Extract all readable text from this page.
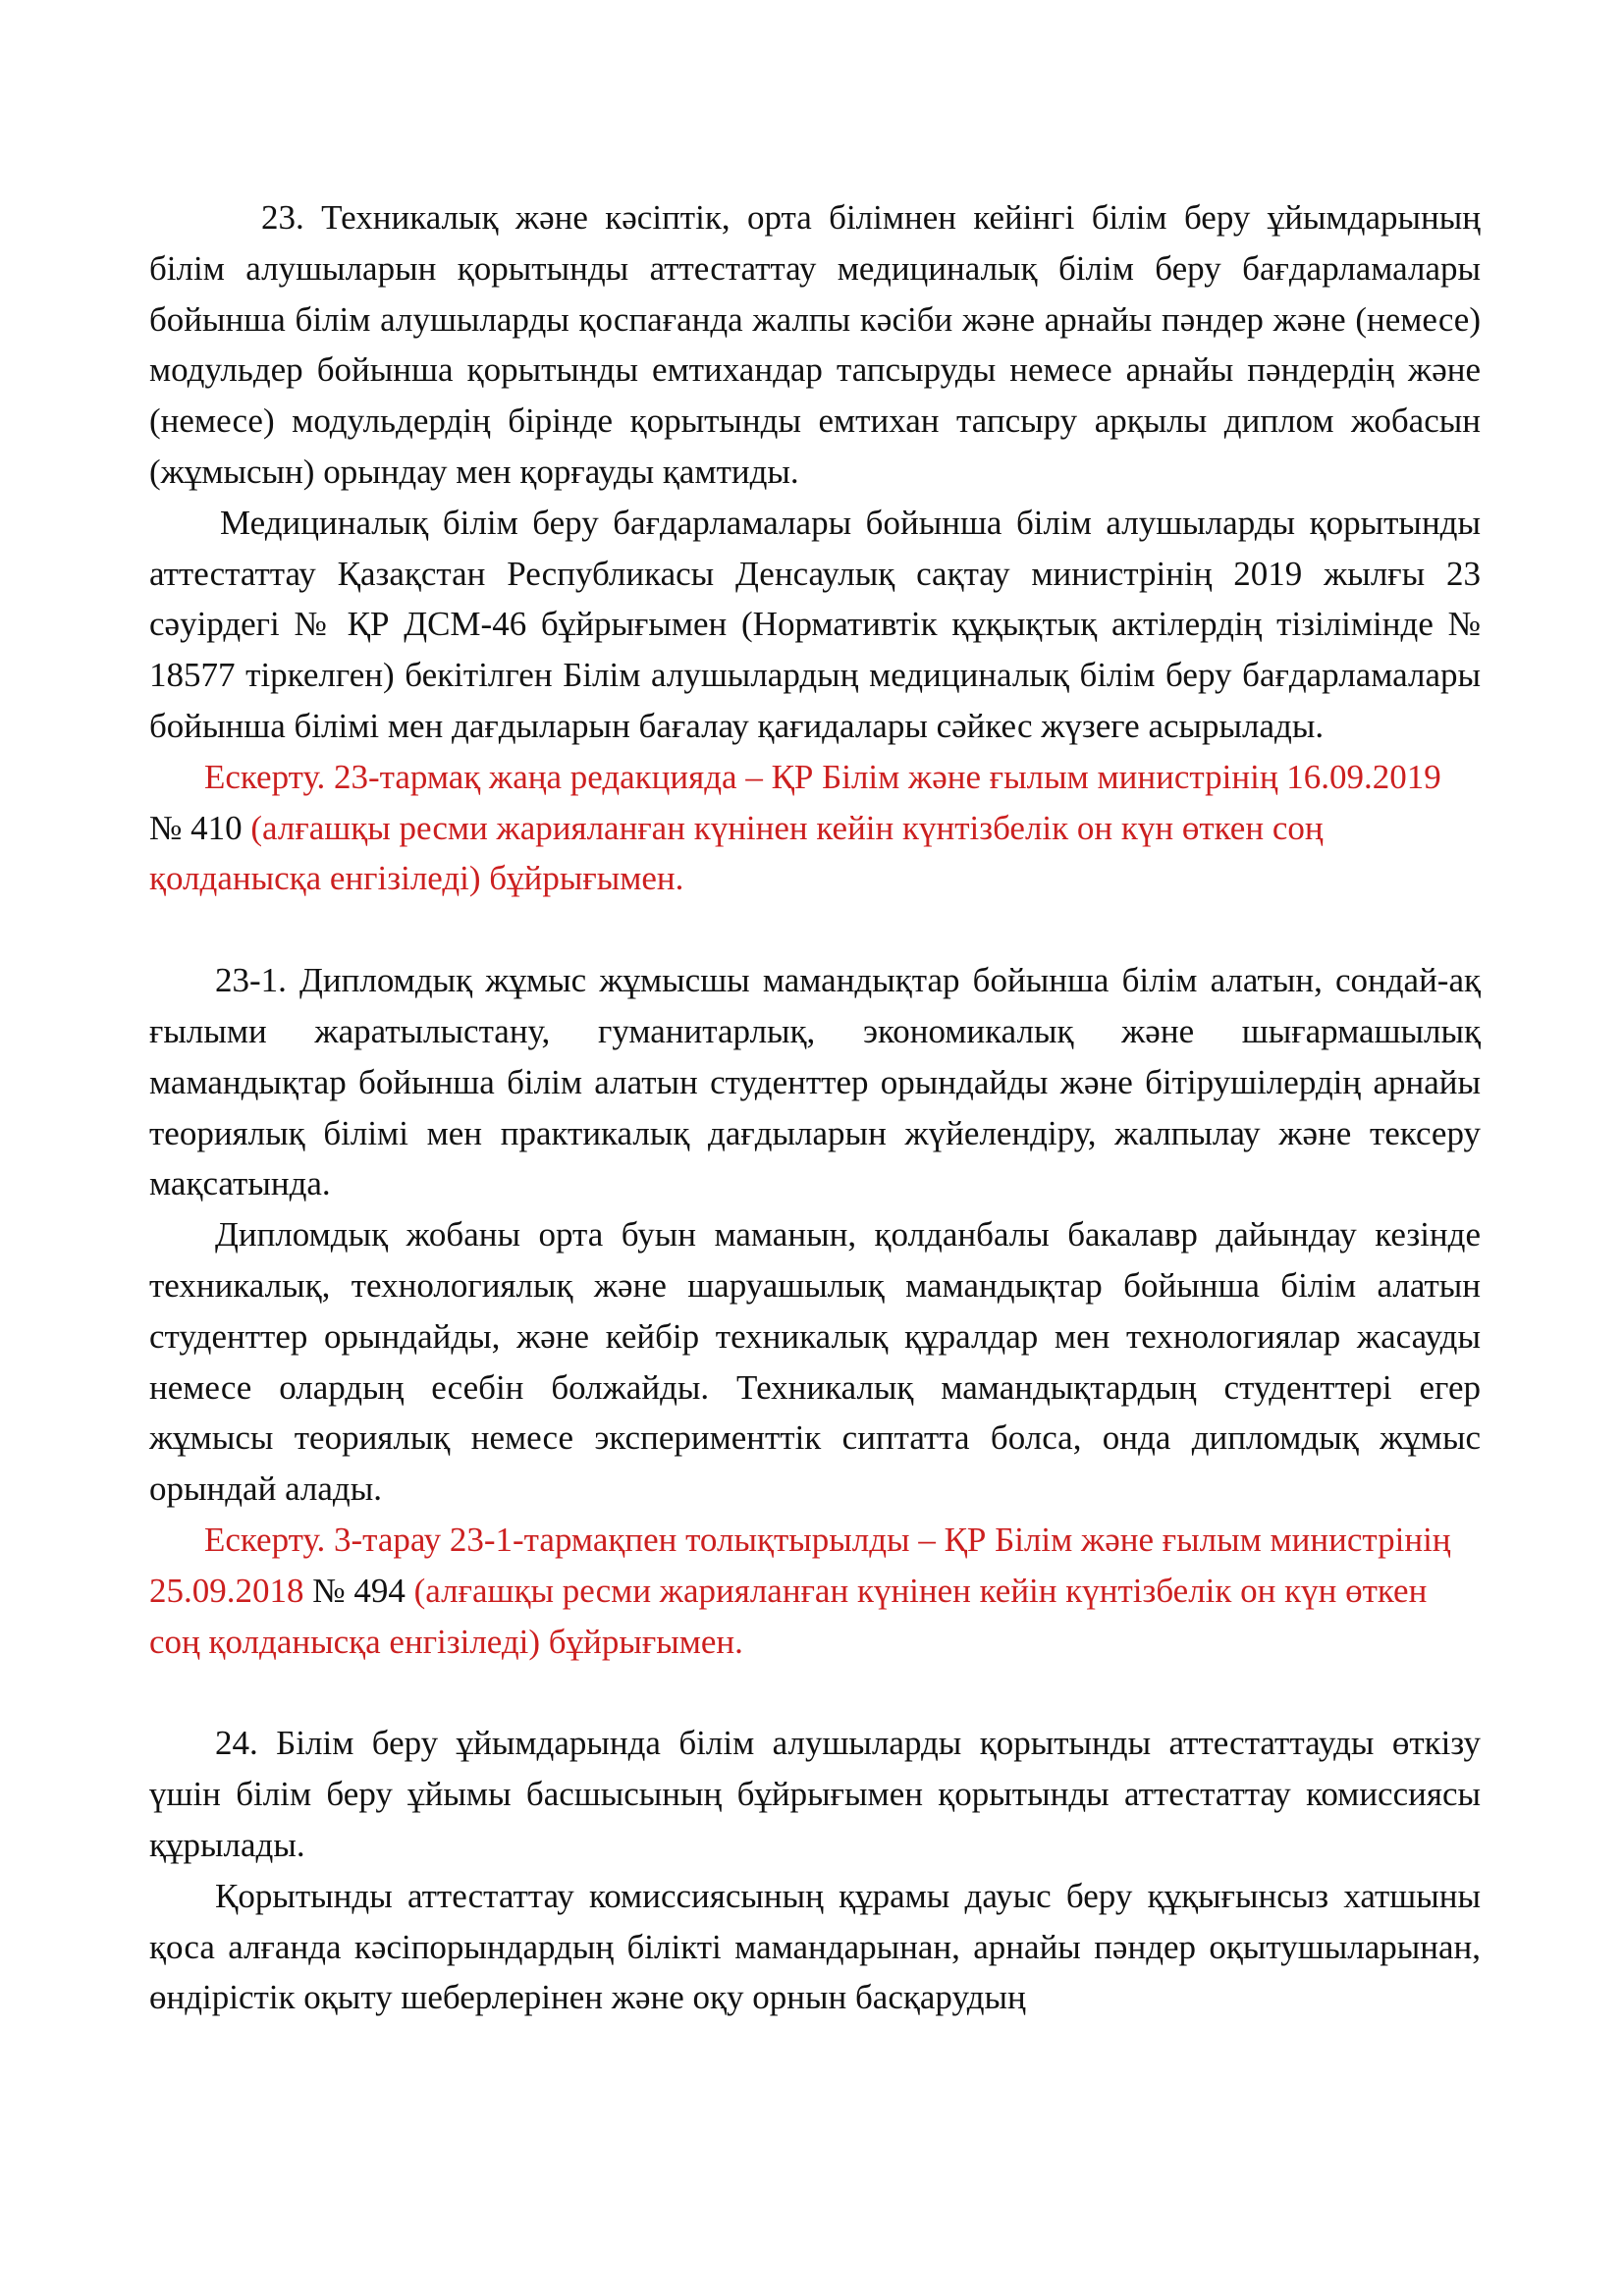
23. Техникалық және кәсіптік, орта білімнен кейінгі білім беру ұйымдарының білім алушыларын қорытынды аттестаттау медициналық білім беру бағдарламалары бойынша білім алушыларды қоспағанда жалпы кәсіби және арнайы пәндер және (немесе) модульдер бойынша қорытынды емтихандар тапсыруды немесе арнайы пәндердің және (немесе) модульдердің бірінде қорытынды емтихан тапсыру арқылы диплом жобасын (жұмысын) орындау мен қорғауды қамтиды.

Медициналық білім беру бағдарламалары бойынша білім алушыларды қорытынды аттестаттау Қазақстан Республикасы Денсаулық сақтау министрінің 2019 жылғы 23 сәуірдегі № ҚР ДСМ-46 бұйрығымен (Нормативтік құқықтық актілердің тізілімінде № 18577 тіркелген) бекітілген Білім алушылардың медициналық білім беру бағдарламалары бойынша білімі мен дағдыларын бағалау қағидалары сәйкес жүзеге асырылады.

Ескерту. 23-тармақ жаңа редакцияда – ҚР Білім және ғылым министрінің 16.09.2019 № 410 (алғашқы ресми жарияланған күнінен кейін күнтізбелік он күн өткен соң қолданысқа енгізіледі) бұйрығымен.

23-1. Дипломдық жұмыс жұмысшы мамандықтар бойынша білім алатын, сондай-ақ ғылыми жаратылыстану, гуманитарлық, экономикалық және шығармашылық мамандықтар бойынша білім алатын студенттер орындайды және бітірушілердің арнайы теориялық білімі мен практикалық дағдыларын жүйелендіру, жалпылау және тексеру мақсатында.

Дипломдық жобаны орта буын маманын, қолданбалы бакалавр дайындау кезінде техникалық, технологиялық және шаруашылық мамандықтар бойынша білім алатын студенттер орындайды, және кейбір техникалық құралдар мен технологиялар жасауды немесе олардың есебін болжайды. Техникалық мамандықтардың студенттері егер жұмысы теориялық немесе эксперименттік сиптатта болса, онда дипломдық жұмыс орындай алады.

Ескерту. 3-тарау 23-1-тармақпен толықтырылды – ҚР Білім және ғылым министрінің 25.09.2018 № 494 (алғашқы ресми жарияланған күнінен кейін күнтізбелік он күн өткен соң қолданысқа енгізіледі) бұйрығымен.

24. Білім беру ұйымдарында білім алушыларды қорытынды аттестаттауды өткізу үшін білім беру ұйымы басшысының бұйрығымен қорытынды аттестаттау комиссиясы құрылады.

Қорытынды аттестаттау комиссиясының құрамы дауыс беру құқығынсыз хатшыны қоса алғанда кәсіпорындардың білікті мамандарынан, арнайы пәндер оқытушыларынан, өндірістік оқыту шеберлерінен және оқу орнын басқарудың
